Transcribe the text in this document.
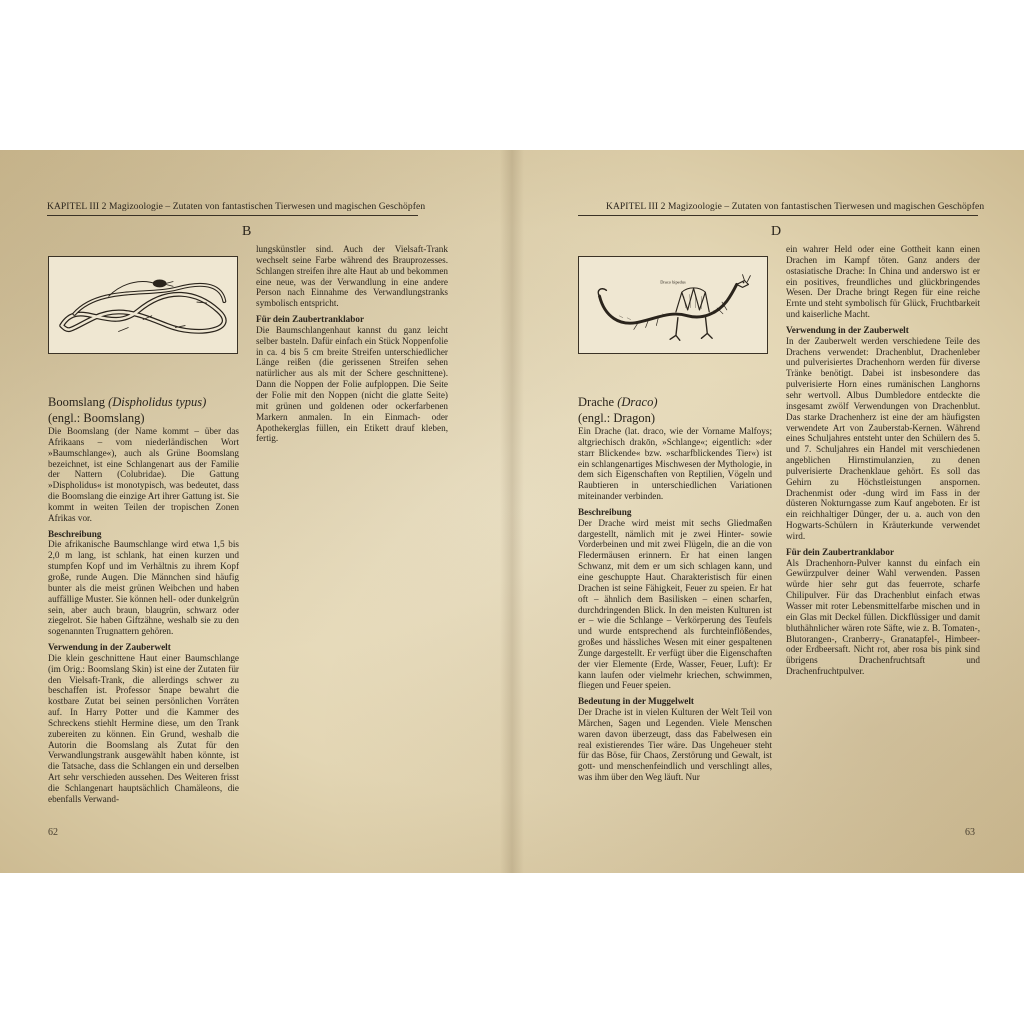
KAPITEL III 2 Magizoologie – Zutaten von fantastischen Tierwesen und magischen Geschöpfen
B
Boomslang (Dispholidus typus)
(engl.: Boomslang)

Die Boomslang (der Name kommt – über das Afrikaans – vom niederländischen Wort »Baumschlange«), auch als Grüne Boomslang bezeichnet, ist eine Schlangenart aus der Familie der Nattern (Colubridae). Die Gattung »Dispholidus« ist monotypisch, was bedeutet, dass die Boomslang die einzige Art ihrer Gattung ist. Sie kommt in weiten Teilen der tropischen Zonen Afrikas vor.

Beschreibung

Die afrikanische Baumschlange wird etwa 1,5 bis 2,0 m lang, ist schlank, hat einen kurzen und stumpfen Kopf und im Verhältnis zu ihrem Kopf große, runde Augen. Die Männchen sind häufig bunter als die meist grünen Weibchen und haben auffällige Muster. Sie können hell- oder dunkelgrün sein, aber auch braun, blaugrün, schwarz oder ziegelrot. Sie haben Giftzähne, weshalb sie zu den sogenannten Trugnattern gehören.

Verwendung in der Zauberwelt

Die klein geschnittene Haut einer Baumschlange (im Orig.: Boomslang Skin) ist eine der Zutaten für den Vielsaft-Trank, die allerdings schwer zu beschaffen ist. Professor Snape bewahrt die kostbare Zutat bei seinen persönlichen Vorräten auf. In Harry Potter und die Kammer des Schreckens stiehlt Hermine diese, um den Trank zubereiten zu können. Ein Grund, weshalb die Autorin die Boomslang als Zutat für den Verwandlungstrank ausgewählt haben könnte, ist die Tatsache, dass die Schlangen ein und derselben Art sehr verschieden aussehen. Des Weiteren frisst die Schlangenart hauptsächlich Chamäleons, die ebenfalls Verwand-

lungskünstler sind. Auch der Vielsaft-Trank wechselt seine Farbe während des Brauprozesses. Schlangen streifen ihre alte Haut ab und bekommen eine neue, was der Verwandlung in eine andere Person nach Einnahme des Verwandlungstranks symbolisch entspricht.

Für dein Zaubertranklabor

Die Baumschlangenhaut kannst du ganz leicht selber basteln. Dafür einfach ein Stück Noppenfolie in ca. 4 bis 5 cm breite Streifen unterschiedlicher Länge reißen (die gerissenen Streifen sehen natürlicher aus als mit der Schere geschnittene). Dann die Noppen der Folie aufploppen. Die Seite der Folie mit den Noppen (nicht die glatte Seite) mit grünen und goldenen oder ockerfarbenen Markern anmalen. In ein Einmach- oder Apothekerglas füllen, ein Etikett drauf kleben, fertig.

62
KAPITEL III 2 Magizoologie – Zutaten von fantastischen Tierwesen und magischen Geschöpfen
D
Draco bipedus
Drache (Draco)
(engl.: Dragon)

Ein Drache (lat. draco, wie der Vorname Malfoys; altgriechisch drakōn, »Schlange«; eigentlich: »der starr Blickende« bzw. »scharfblickendes Tier«) ist ein schlangenartiges Mischwesen der Mythologie, in dem sich Eigenschaften von Reptilien, Vögeln und Raubtieren in unterschiedlichen Variationen miteinander verbinden.

Beschreibung

Der Drache wird meist mit sechs Gliedmaßen dargestellt, nämlich mit je zwei Hinter- sowie Vorderbeinen und mit zwei Flügeln, die an die von Fledermäusen erinnern. Er hat einen langen Schwanz, mit dem er um sich schlagen kann, und eine geschuppte Haut. Charakteristisch für einen Drachen ist seine Fähigkeit, Feuer zu speien. Er hat oft – ähnlich dem Basilisken – einen scharfen, durchdringenden Blick. In den meisten Kulturen ist er – wie die Schlange – Verkörperung des Teufels und wurde entsprechend als furchteinflößendes, großes und hässliches Wesen mit einer gespaltenen Zunge dargestellt. Er verfügt über die Eigenschaften der vier Elemente (Erde, Wasser, Feuer, Luft): Er kann laufen oder vielmehr kriechen, schwimmen, fliegen und Feuer speien.

Bedeutung in der Muggelwelt

Der Drache ist in vielen Kulturen der Welt Teil von Märchen, Sagen und Legenden. Viele Menschen waren davon überzeugt, dass das Fabelwesen ein real existierendes Tier wäre. Das Ungeheuer steht für das Böse, für Chaos, Zerstörung und Gewalt, ist gott- und menschenfeindlich und verschlingt alles, was ihm über den Weg läuft. Nur

ein wahrer Held oder eine Gottheit kann einen Drachen im Kampf töten. Ganz anders der ostasiatische Drache: In China und anderswo ist er ein positives, freundliches und glückbringendes Wesen. Der Drache bringt Regen für eine reiche Ernte und steht symbolisch für Glück, Fruchtbarkeit und kaiserliche Macht.

Verwendung in der Zauberwelt

In der Zauberwelt werden verschiedene Teile des Drachens verwendet: Drachenblut, Drachenleber und pulverisiertes Drachenhorn werden für diverse Tränke benötigt. Dabei ist insbesondere das pulverisierte Horn eines rumänischen Langhorns sehr wertvoll. Albus Dumbledore entdeckte die insgesamt zwölf Verwendungen von Drachenblut. Das starke Drachenherz ist eine der am häufigsten verwendete Art von Zauberstab-Kernen. Während eines Schuljahres entsteht unter den Schülern des 5. und 7. Schuljahres ein Handel mit verschiedenen angeblichen Hirnstimulanzien, zu denen pulverisierte Drachenklaue gehört. Es soll das Gehirn zu Höchstleistungen anspornen. Drachenmist oder -dung wird im Fass in der düsteren Nokturngasse zum Kauf angeboten. Er ist ein reichhaltiger Dünger, der u. a. auch von den Hogwarts-Schülern in Kräuterkunde verwendet wird.

Für dein Zaubertranklabor

Als Drachenhorn-Pulver kannst du einfach ein Gewürzpulver deiner Wahl verwenden. Passen würde hier sehr gut das feuerrote, scharfe Chilipulver. Für das Drachenblut einfach etwas Wasser mit roter Lebensmittelfarbe mischen und in ein Glas mit Deckel füllen. Dickflüssiger und damit bluthähnlicher wären rote Säfte, wie z. B. Tomaten-, Blutorangen-, Cranberry-, Granatapfel-, Himbeer- oder Erdbeersaft. Nicht rot, aber rosa bis pink sind übrigens Drachenfruchtsaft und Drachenfruchtpulver.

63
